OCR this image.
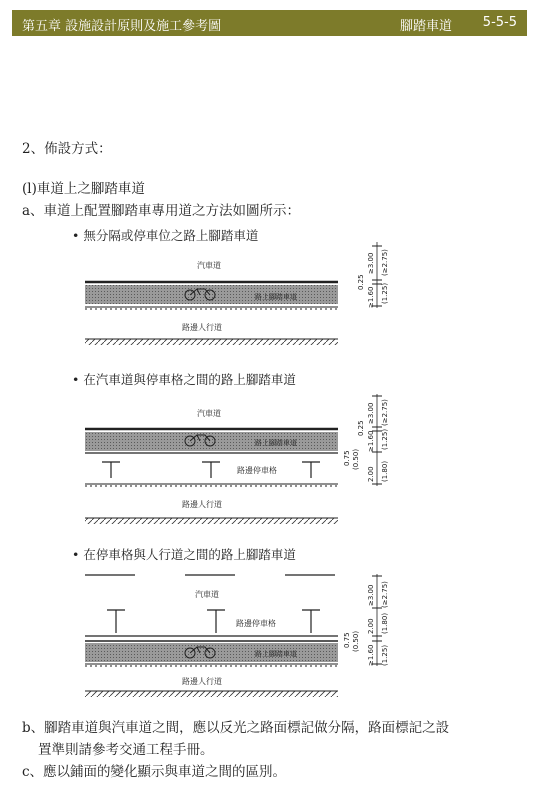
第五章 設施設計原則及施工參考圖	腳踏車道 5-5-5
2、佈設方式：
(l)車道上之腳踏車道
a、車道上配置腳踏車專用道之方法如圖所示：
• 無分隔或停車位之路上腳踏車道
汽車道
路上腳踏車道
路邊人行道
0.25
≥3.00 (≥2.75)
≥1.60 (1.25)
• 在汽車道與停車格之間的路上腳踏車道
汽車道
路上腳踏車道
路邊停車格
路邊人行道
0.25
≥3.00 (≥2.75)
≥1.60 (1.25)
0.75 (0.50)
2.00 (1.80)
• 在停車格與人行道之間的路上腳踏車道
汽車道
路邊停車格
路上腳踏車道
路邊人行道
≥3.00 (≥2.75)
2.00 (1.80)
0.75 (0.50)
≥1.60 (1.25)
b、腳踏車道與汽車道之間，應以反光之路面標記做分隔，路面標記之設
置準則請參考交通工程手冊。
c、應以鋪面的變化顯示與車道之間的區別。
